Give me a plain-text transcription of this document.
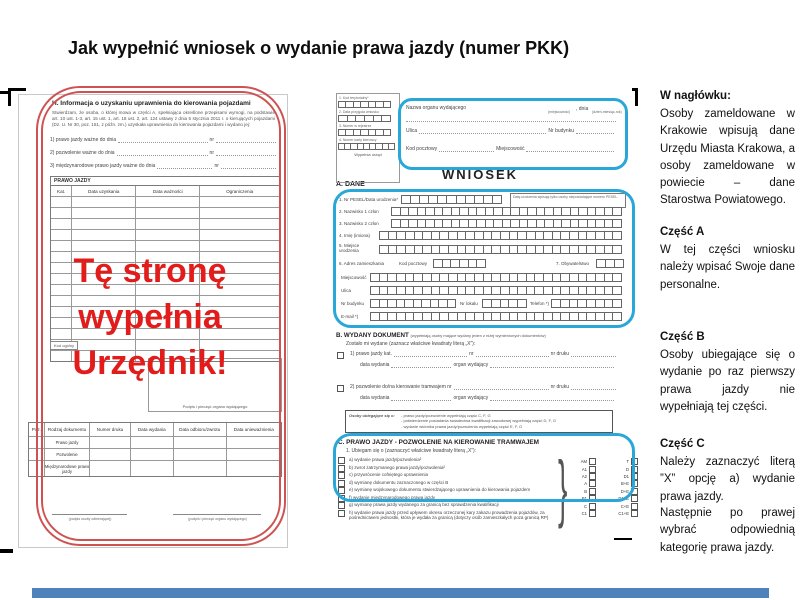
Jak wypełnić wniosek o wydanie prawa jazdy (numer PKK)
H. Informacja o uzyskaniu uprawnienia do kierowania pojazdami
Stwierdzam, że osoba, o której mowa w części A, spełniająca określone przepisami wymogi, na podstawie art. 10 ust. 1-3, art. 15 ust. 1, art. 18 ust. 2, art. 124 ustawy z dnia 5 stycznia 2011 r. o kierujących pojazdami (Dz. U. Nr 30, poz. 151, z późn. zm.) uzyskała uprawnienia do kierowania pojazdami i wydano jej:
1) prawo jazdy ważne do dnia	nr
2) pozwolenie ważne do dnia	nr
3) międzynarodowe prawo jazdy ważne do dnia	nr
PRAWO JAZDY
Kat.	Data uzyskania	Data ważności	Ograniczenia
Kod ogólny
Tę stronę
wypełnia
Urzędnik!
Podpis i pieczęć organu wydającego
Poz.	Rodzaj dokumentu	Numer druku	Data wydania	Data odbioru/zwrotu	Data unieważnienia
Prawo jazdy
Pozwolenie
Międzynarodowe prawo jazdy
(podpis osoby odbierającej)	(podpis i pieczęć organu wydającego)
1. Kod terytorialny*
2. Data przyjęcia wniosku
3. Numer w rejestrze
4. Numer karty kierowcy
Wypełnia urząd
Nazwa organu wydającego
(miejscowość) , dnia (dzień-miesiąc-rok)
Ulica	Nr budynku
Kod pocztowy	Miejscowość
WNIOSEK
A. DANE
1. Nr PESEL/Data urodzenia*	Datę urodzenia wpisują tylko osoby nieposiadające numeru PESEL.
2. Nazwisko 1 człon
3. Nazwisko 2 człon
4. Imię (imiona)
5. Miejsce urodzenia
6. Adres zamieszkania	Kod pocztowy	7. Obywatelstwo
Miejscowość
Ulica
Nr budynku	Nr lokalu	Telefon *)
E-mail *)
B. WYDANY DOKUMENT (wypełniają osoby mające wydany jeden z niżej wymienionych dokumentów)
Zostało mi wydane (zaznacz właściwe kwadraty literą „X”):
1) prawo jazdy kat.	nr	nr druku
data wydania	organ wydający
2) pozwolenie do/na kierowanie tramwajem nr	nr druku
data wydania	organ wydający
Osoby ubiegające się o:	- prawo jazdy/pozwolenie wypełniają część C, F, G
- potwierdzenie posiadania świadectwa kwalifikacji zawodowej wypełniają część D, F, G
- wydanie wtórnika prawa jazdy/pozwolenia wypełniają część E, F, G
C. PRAWO JAZDY - POZWOLENIE NA KIEROWANIE TRAMWAJEM
1. Ubiegam się o (zaznaczyć właściwe kwadraty literą „X”):
a) wydanie prawa jazdy/pozwolenia²
b) zwrot zatrzymanego prawa jazdy/pozwolenia²
c) przywrócenie cofniętego uprawnienia
d) wymianę dokumentu zaznaczonego w części B
e) wymianę wojskowego dokumentu stwierdzającego uprawnienia do kierowania pojazdem
f) wydanie międzynarodowego prawa jazdy
g) wymianę prawa jazdy wydanego za granicą bez sprawdzenia kwalifikacji
h) wydanie prawa jazdy przed upływem okresu orzeczonej kary zakazu prowadzenia pojazdów, za pośrednictwem jednostki, która je wydała za granicą (dotyczy osób zamieszkałych poza granicą RP) }	AM
A1
A2
A
B
B1
C
C1
T
D
D1
B+E
D+E
D1+E
C+E
C1+E
W nagłówku:
Osoby zameldowane w Krakowie wpisują dane Urzędu Miasta Krakowa, a osoby zameldowane w powiecie – dane Starostwa Powiatowego.
Część A
W tej części wniosku należy wpisać Swoje dane personalne.
Część B
Osoby ubiegające się o wydanie po raz pierwszy prawa jazdy nie wypełniają tej części.
Część C
Należy zaznaczyć literą ”X” opcję a) wydanie prawa jazdy.
Następnie po prawej wybrać odpowiednią kategorię prawa jazdy.
